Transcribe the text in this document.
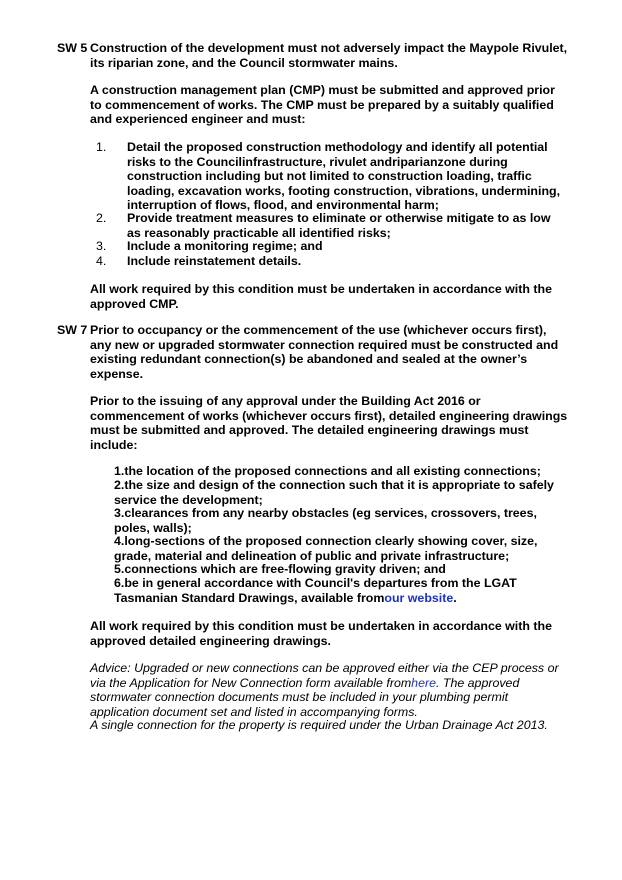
SW 5 Construction of the development must not adversely impact the Maypole Rivulet, its riparian zone, and the Council stormwater mains.
A construction management plan (CMP) must be submitted and approved prior to commencement of works. The CMP must be prepared by a suitably qualified and experienced engineer and must:
1. Detail the proposed construction methodology and identify all potential risks to the Councilinfrastructure, rivulet andriparianzone during construction including but not limited to construction loading, traffic loading, excavation works, footing construction, vibrations, undermining, interruption of flows, flood, and environmental harm;
2. Provide treatment measures to eliminate or otherwise mitigate to as low as reasonably practicable all identified risks;
3. Include a monitoring regime; and
4. Include reinstatement details.
All work required by this condition must be undertaken in accordance with the approved CMP.
SW 7 Prior to occupancy or the commencement of the use (whichever occurs first), any new or upgraded stormwater connection required must be constructed and existing redundant connection(s) be abandoned and sealed at the owner’s expense.
Prior to the issuing of any approval under the Building Act 2016 or commencement of works (whichever occurs first), detailed engineering drawings must be submitted and approved. The detailed engineering drawings must include:
1.the location of the proposed connections and all existing connections;
2.the size and design of the connection such that it is appropriate to safely service the development;
3.clearances from any nearby obstacles (eg services, crossovers, trees, poles, walls);
4.long-sections of the proposed connection clearly showing cover, size, grade, material and delineation of public and private infrastructure;
5.connections which are free-flowing gravity driven; and
6.be in general accordance with Council's departures from the LGAT Tasmanian Standard Drawings, available fromour website.
All work required by this condition must be undertaken in accordance with the approved detailed engineering drawings.
Advice: Upgraded or new connections can be approved either via the CEP process or via the Application for New Connection form available fromhere. The approved stormwater connection documents must be included in your plumbing permit application document set and listed in accompanying forms.
A single connection for the property is required under the Urban Drainage Act 2013.
